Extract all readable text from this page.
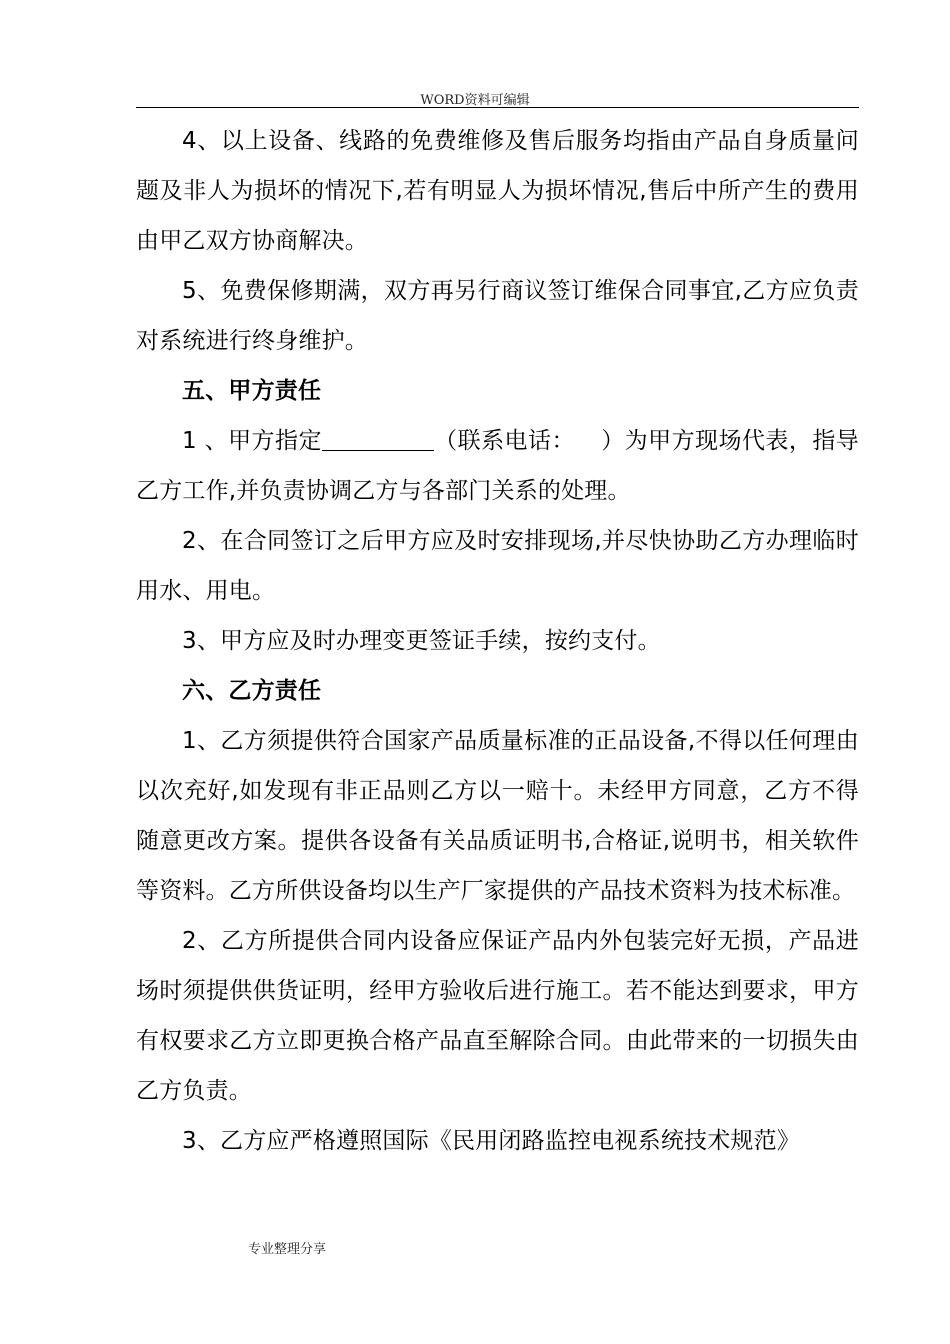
WORD资料可编辑

4、以上设备、线路的免费维修及售后服务均指由产品自身质量问题及非人为损坏的情况下,若有明显人为损坏情况,售后中所产生的费用由甲乙双方协商解决。

5、免费保修期满，双方再另行商议签订维保合同事宜,乙方应负责对系统进行终身维护。

五、甲方责任

1 、甲方指定	（联系电话： ）为甲方现场代表，指导乙方工作,并负责协调乙方与各部门关系的处理。

2、在合同签订之后甲方应及时安排现场,并尽快协助乙方办理临时用水、用电。

3、甲方应及时办理变更签证手续，按约支付。

六、乙方责任

1、乙方须提供符合国家产品质量标准的正品设备,不得以任何理由以次充好,如发现有非正品则乙方以一赔十。未经甲方同意，乙方不得随意更改方案。提供各设备有关品质证明书,合格证,说明书，相关软件等资料。乙方所供设备均以生产厂家提供的产品技术资料为技术标准。

2、乙方所提供合同内设备应保证产品内外包装完好无损，产品进场时须提供供货证明，经甲方验收后进行施工。若不能达到要求，甲方有权要求乙方立即更换合格产品直至解除合同。由此带来的一切损失由乙方负责。

3、乙方应严格遵照国际《民用闭路监控电视系统技术规范》

专业整理分享
